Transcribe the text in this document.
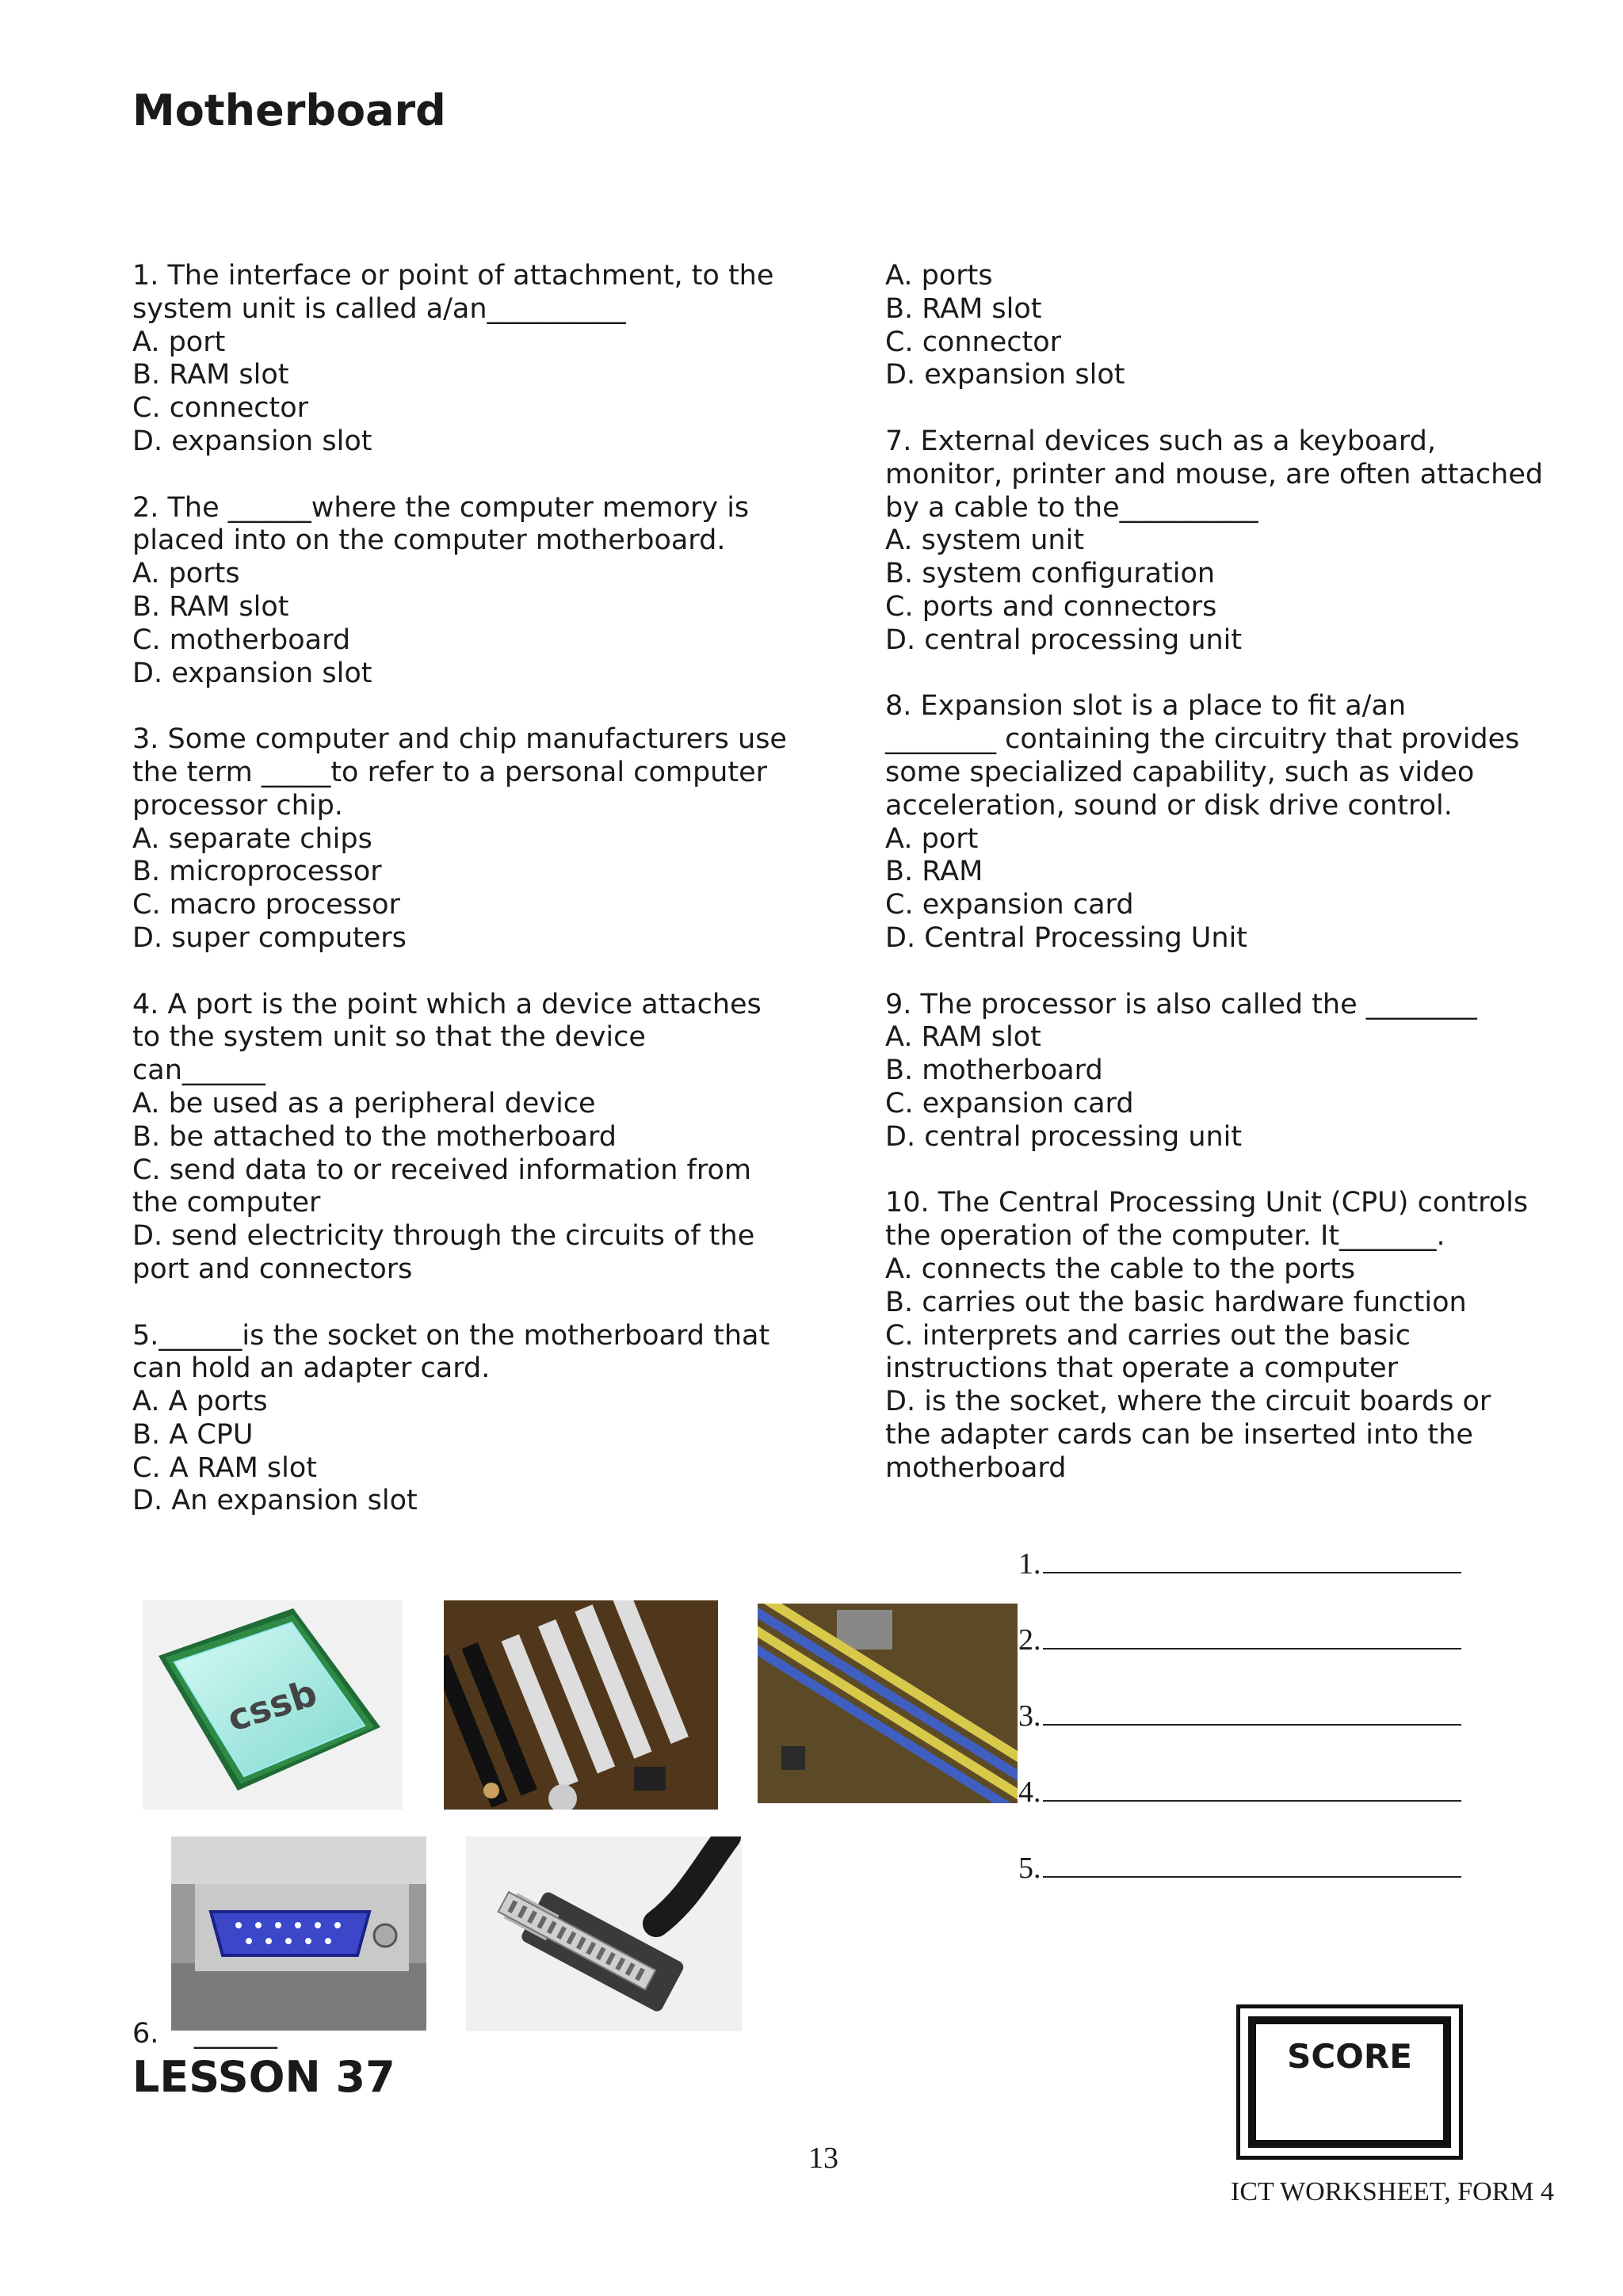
Motherboard
1. The interface or point of attachment, to the
system unit is called a/an__________
A. port
B. RAM slot
C. connector
D. expansion slot
2. The ______where the computer memory is
placed into on the computer motherboard.
A. ports
B. RAM slot
C. motherboard
D. expansion slot
3. Some computer and chip manufacturers use
the term _____to refer to a personal computer
processor chip.
A. separate chips
B. microprocessor
C. macro processor
D. super computers
4. A port is the point which a device attaches
to the system unit so that the device
can______
A. be used as a peripheral device
B. be attached to the motherboard
C. send data to or received information from
the computer
D. send electricity through the circuits of the
port and connectors
5.______is the socket on the motherboard that
can hold an adapter card.
A. A ports
B. A CPU
C. A RAM slot
D. An expansion slot
A. ports
B. RAM slot
C. connector
D. expansion slot
7. External devices such as a keyboard,
monitor, printer and mouse, are often attached
by a cable to the__________
A. system unit
B. system configuration
C. ports and connectors
D. central processing unit
8. Expansion slot is a place to fit a/an
________ containing the circuitry that provides
some specialized capability, such as video
acceleration, sound or disk drive control.
A. port
B. RAM
C. expansion card
D. Central Processing Unit
9. The processor is also called the ________
A. RAM slot
B. motherboard
C. expansion card
D. central processing unit
10. The Central Processing Unit (CPU) controls
the operation of the computer. It_______.
A. connects the cable to the ports
B. carries out the basic hardware function
C. interprets and carries out the basic
instructions that operate a computer
D. is the socket, where the circuit boards or
the adapter cards can be inserted into the
motherboard
1.
2.
3.
4.
5.
cssb
6.    ______
LESSON 37	SCORE
13
ICT WORKSHEET, FORM 4
